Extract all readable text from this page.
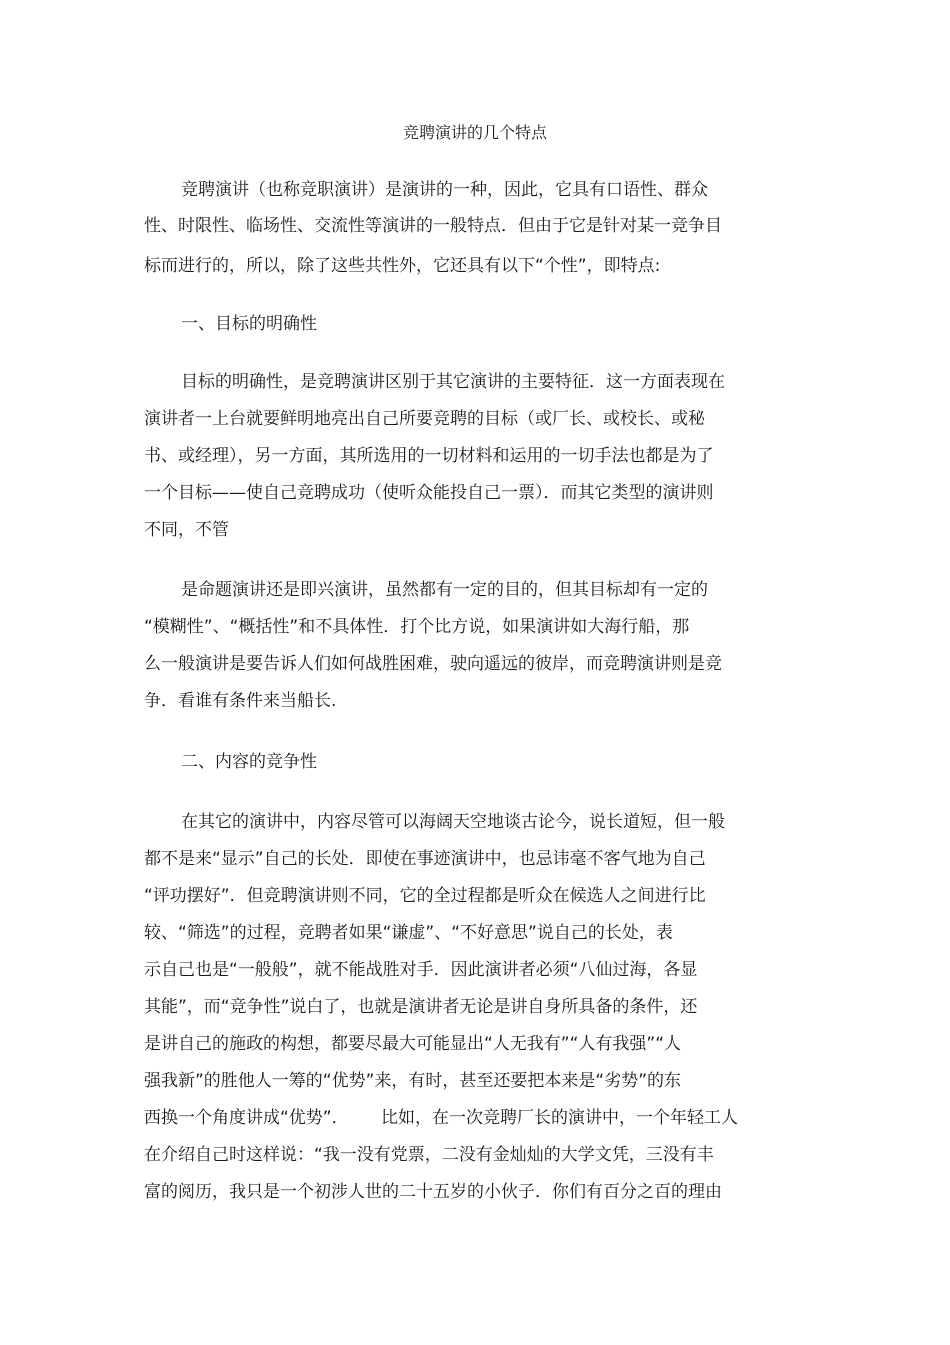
竞聘演讲的几个特点
竞聘演讲（也称竞职演讲）是演讲的一种，因此，它具有口语性、群众
性、时限性、临场性、交流性等演讲的一般特点．但由于它是针对某一竞争目
标而进行的，所以，除了这些共性外，它还具有以下“个性”，即特点:
一、目标的明确性
目标的明确性，是竞聘演讲区别于其它演讲的主要特征．这一方面表现在
演讲者一上台就要鲜明地亮出自己所要竞聘的目标（或厂长、或校长、或秘
书、或经理），另一方面，其所选用的一切材料和运用的一切手法也都是为了
一个目标——使自己竞聘成功（使听众能投自己一票）．而其它类型的演讲则
不同，不管
是命题演讲还是即兴演讲，虽然都有一定的目的，但其目标却有一定的
“模糊性”、“概括性”和不具体性．打个比方说，如果演讲如大海行船，那
么一般演讲是要告诉人们如何战胜困难，驶向遥远的彼岸，而竞聘演讲则是竞
争．看谁有条件来当船长.
二、内容的竞争性
在其它的演讲中，内容尽管可以海阔天空地谈古论今，说长道短，但一般
都不是来“显示”自己的长处．即使在事迹演讲中，也忌讳毫不客气地为自己
“评功摆好”．但竞聘演讲则不同，它的全过程都是听众在候选人之间进行比
较、“筛选”的过程，竞聘者如果“谦虚”、“不好意思”说自己的长处，表
示自己也是“一般般”，就不能战胜对手．因此演讲者必须“八仙过海，各显
其能”，而“竞争性”说白了，也就是演讲者无论是讲自身所具备的条件，还
是讲自己的施政的构想，都要尽最大可能显出“人无我有”“人有我强”“人
强我新”的胜他人一筹的“优势”来，有时，甚至还要把本来是“劣势”的东
西换一个角度讲成“优势”．      比如，在一次竞聘厂长的演讲中，一个年轻工人
在介绍自己时这样说：“我一没有党票，二没有金灿灿的大学文凭，三没有丰
富的阅历，我只是一个初涉人世的二十五岁的小伙子．你们有百分之百的理由
